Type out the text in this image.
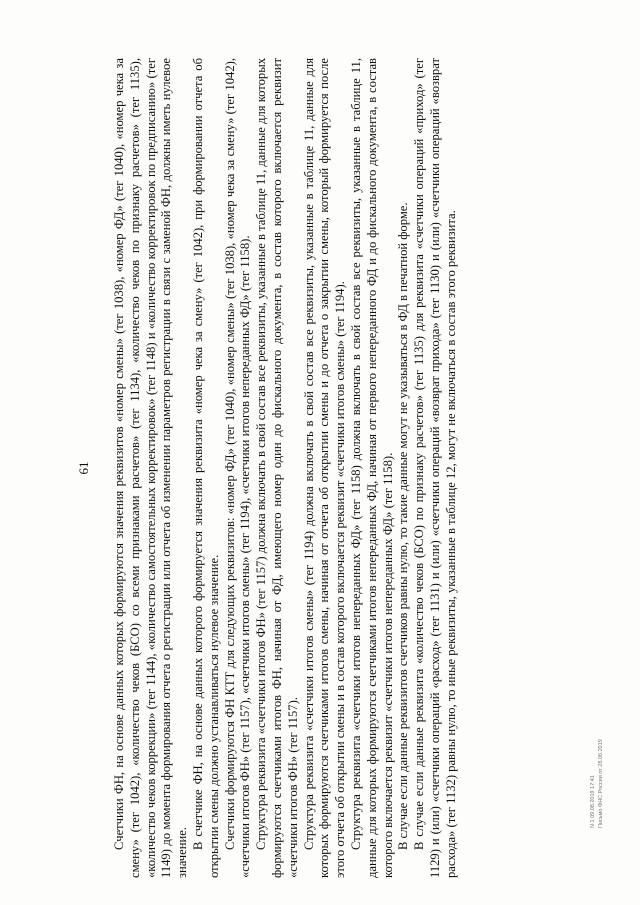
61 Счетчики ФН, на основе данных которых формируются значения реквизитов «номер смены» (тег 1038), «номер ФД» (тег 1040), «номер чека за смену» (тег 1042), «количество чеков (БСО) со всеми признаками расчетов» (тег 1134), «количество чеков по признаку расчетов» (тег 1135), «количество чеков коррекции» (тег 1144), «количество самостоятельных корректировок» (тег 1148) и «количество корректировок по предписанию» (тег 1149) до момента формирования отчета о регистрации или отчета об изменении параметров регистрации в связи с заменой ФН, должны иметь нулевое значение.

В счетчике ФН, на основе данных которого формируется значения реквизита «номер чека за смену» (тег 1042), при формировании отчета об открытии смены должно устанавливаться нулевое значение. Счетчики формируются ФН КТТ для следующих реквизитов: «номер ФД» (тег 1040), «номер смены» (тег 1038), «номер чека за смену» (тег 1042), «счетчики итогов ФН» (тег 1157), «счетчики итогов смены» (тег 1194), «счетчики итогов непереданных ФД» (тег 1158). Структура реквизита «счетчики итогов ФН» (тег 1157) должна включать в свой состав все реквизиты, указанные в таблице 11, данные для которых формируются счетчиками итогов ФН, начиная от ФД, имеющего номер один до фискального документа, в состав которого включается реквизит «счетчики итогов ФН» (тег 1157). Структура реквизита «счетчики итогов смены» (тег 1194) должна включать в свой состав все реквизиты, указанные в таблице 11, данные для которых формируются счетчиками итогов смены, начиная от отчета об открытии смены и до отчета о закрытии смены, который формируется после этого отчета об открытии смены и в состав которого включается реквизит «счетчики итогов смены» (тег 1194). Структура реквизита «счетчики итогов непереданных ФД» (тег 1158) должна включать в свой состав все реквизиты, указанные в таблице 11, данные для которых формируются счетчиками итогов непереданных ФД, начиная от первого непереданного ФД и до фискального документа, в состав которого включается реквизит «счетчики итогов непереданных ФД» (тег 1158). В случае если данные реквизитов счетчиков равны нулю, то такие данные могут не указываться в ФД в печатной форме. В случае если данные реквизита «количество чеков (БСО) по признаку расчетов» (тег 1135) для реквизита «счетчики операций «приход» (тег 1129) и (или) «счетчики операций «расход» (тег 1131) и (или) «счетчики операций «возврат прихода» (тег 1130) и (или) «счетчики операций «возврат расхода» (тег 1132) равны нулю, то иные реквизиты, указанные в таблице 12, могут не включаться в состав этого реквизита.	N 1 09.08.2019 17:41 Письмо ФНС России от 28.06.2019
